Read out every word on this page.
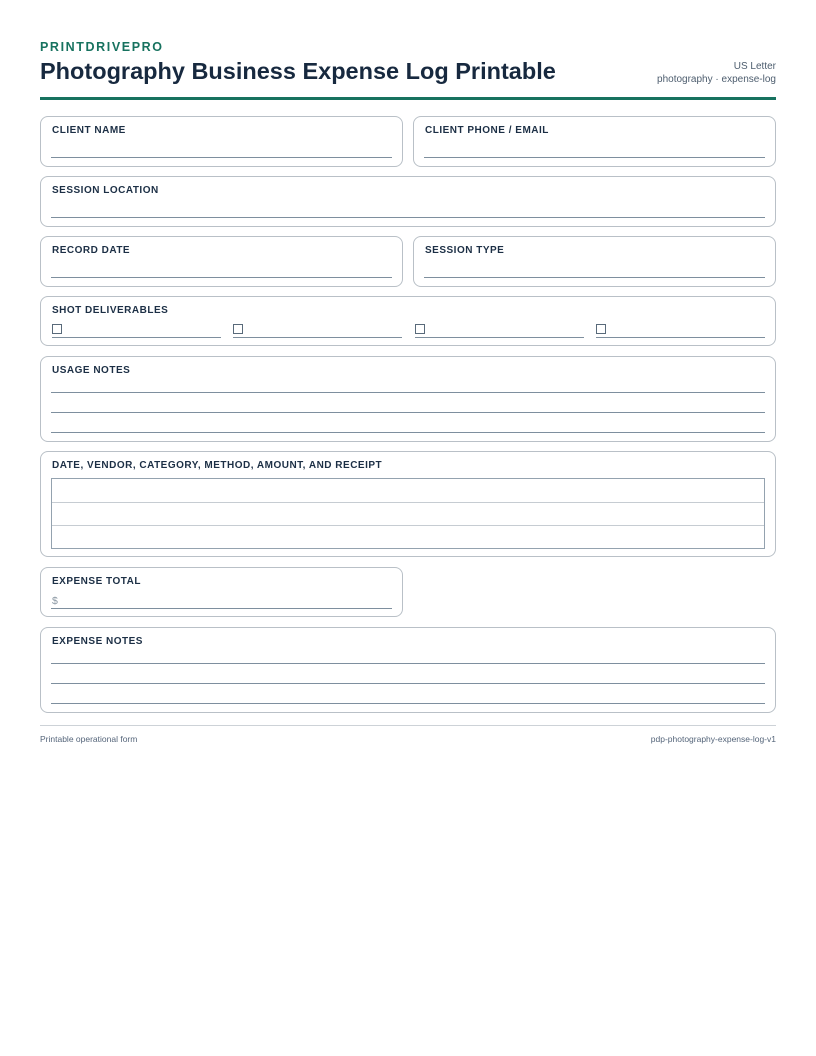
PRINTDRIVEPRO
Photography Business Expense Log Printable	US Letter
photography · expense-log
CLIENT NAME	CLIENT PHONE / EMAIL
SESSION LOCATION
RECORD DATE	SESSION TYPE
SHOT DELIVERABLES
USAGE NOTES
DATE, VENDOR, CATEGORY, METHOD, AMOUNT, AND RECEIPT
EXPENSE TOTAL
$
EXPENSE NOTES
Printable operational form	pdp-photography-expense-log-v1
